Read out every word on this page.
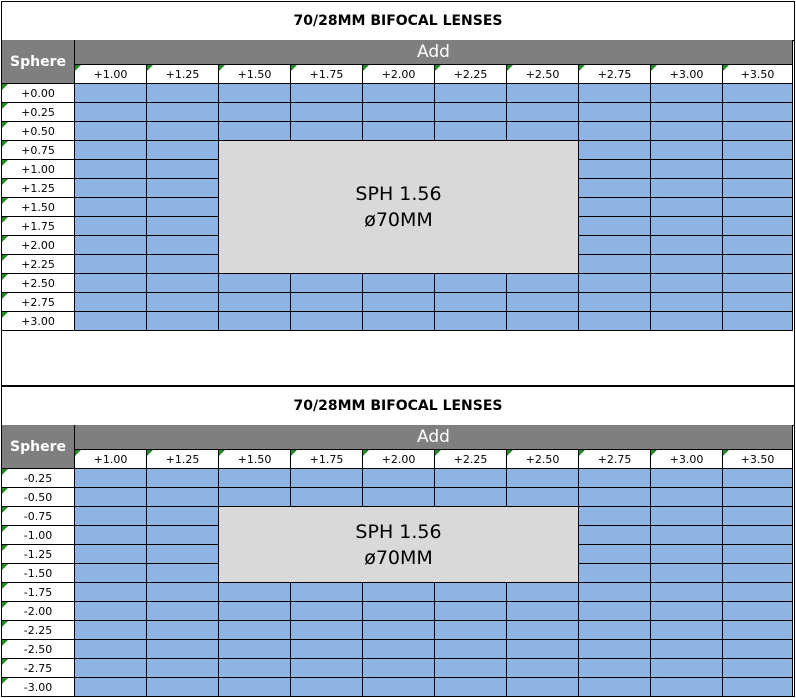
70/28MM BIFOCAL LENSES
Sphere	Add
+1.00	+1.25	+1.50	+1.75	+2.00	+2.25	+2.50	+2.75	+3.00	+3.50
+0.00
+0.25
+0.50
+0.75
+1.00
+1.25
+1.50
+1.75
+2.00
+2.25
+2.50
+2.75
+3.00
SPH 1.56
ø70MM
70/28MM BIFOCAL LENSES
Sphere	Add
+1.00	+1.25	+1.50	+1.75	+2.00	+2.25	+2.50	+2.75	+3.00	+3.50
-0.25
-0.50
-0.75
-1.00
-1.25
-1.50
-1.75
-2.00
-2.25
-2.50
-2.75
-3.00
SPH 1.56
ø70MM
